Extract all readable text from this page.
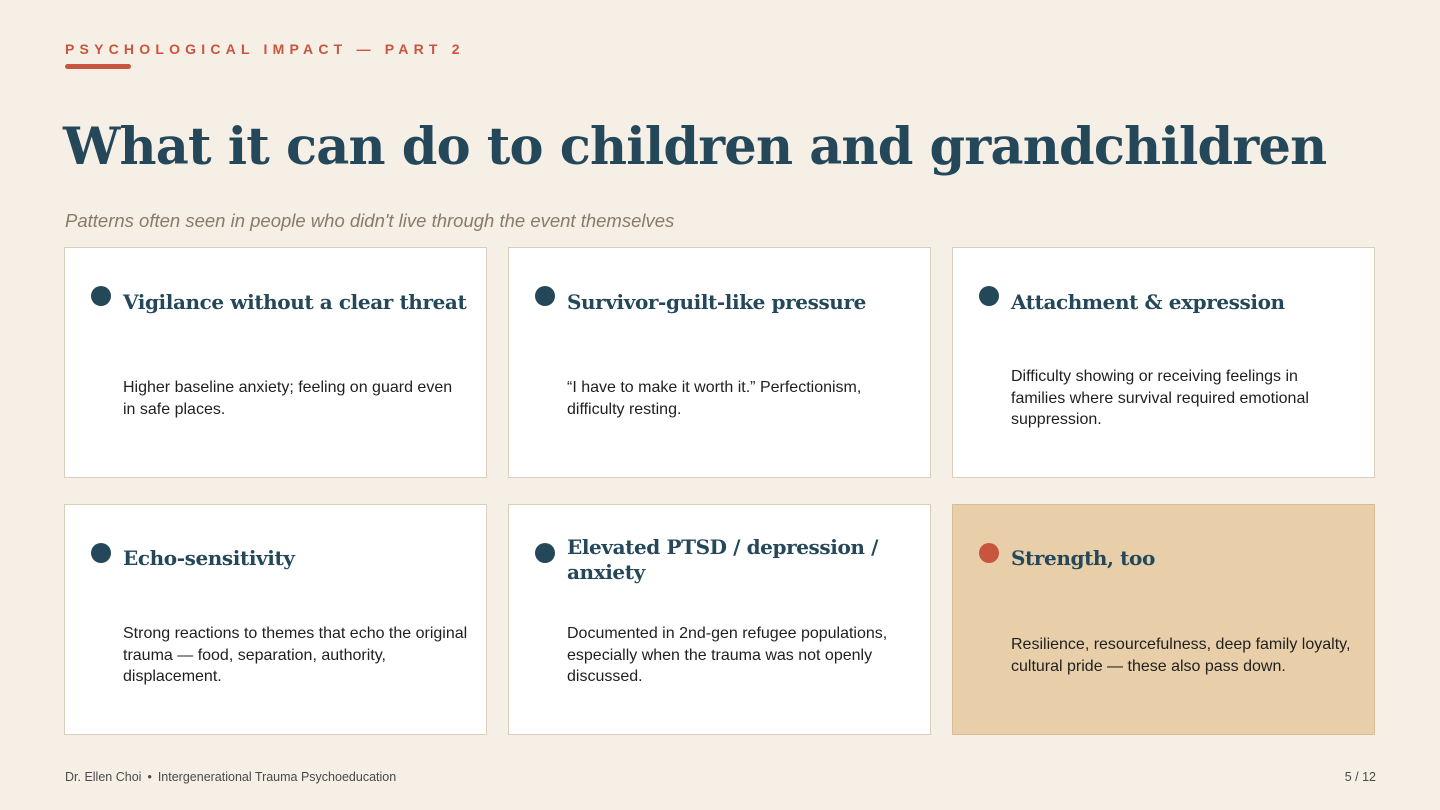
PSYCHOLOGICAL IMPACT — PART 2
What it can do to children and grandchildren
Patterns often seen in people who didn't live through the event themselves
Vigilance without a clear threat
Higher baseline anxiety; feeling on guard even in safe places.
Survivor-guilt-like pressure
“I have to make it worth it.” Perfectionism, difficulty resting.
Attachment & expression
Difficulty showing or receiving feelings in families where survival required emotional suppression.
Echo-sensitivity
Strong reactions to themes that echo the original trauma — food, separation, authority, displacement.
Elevated PTSD / depression / anxiety
Documented in 2nd-gen refugee populations, especially when the trauma was not openly discussed.
Strength, too
Resilience, resourcefulness, deep family loyalty, cultural pride — these also pass down.
Dr. Ellen Choi • Intergenerational Trauma Psychoeducation	5 / 12
